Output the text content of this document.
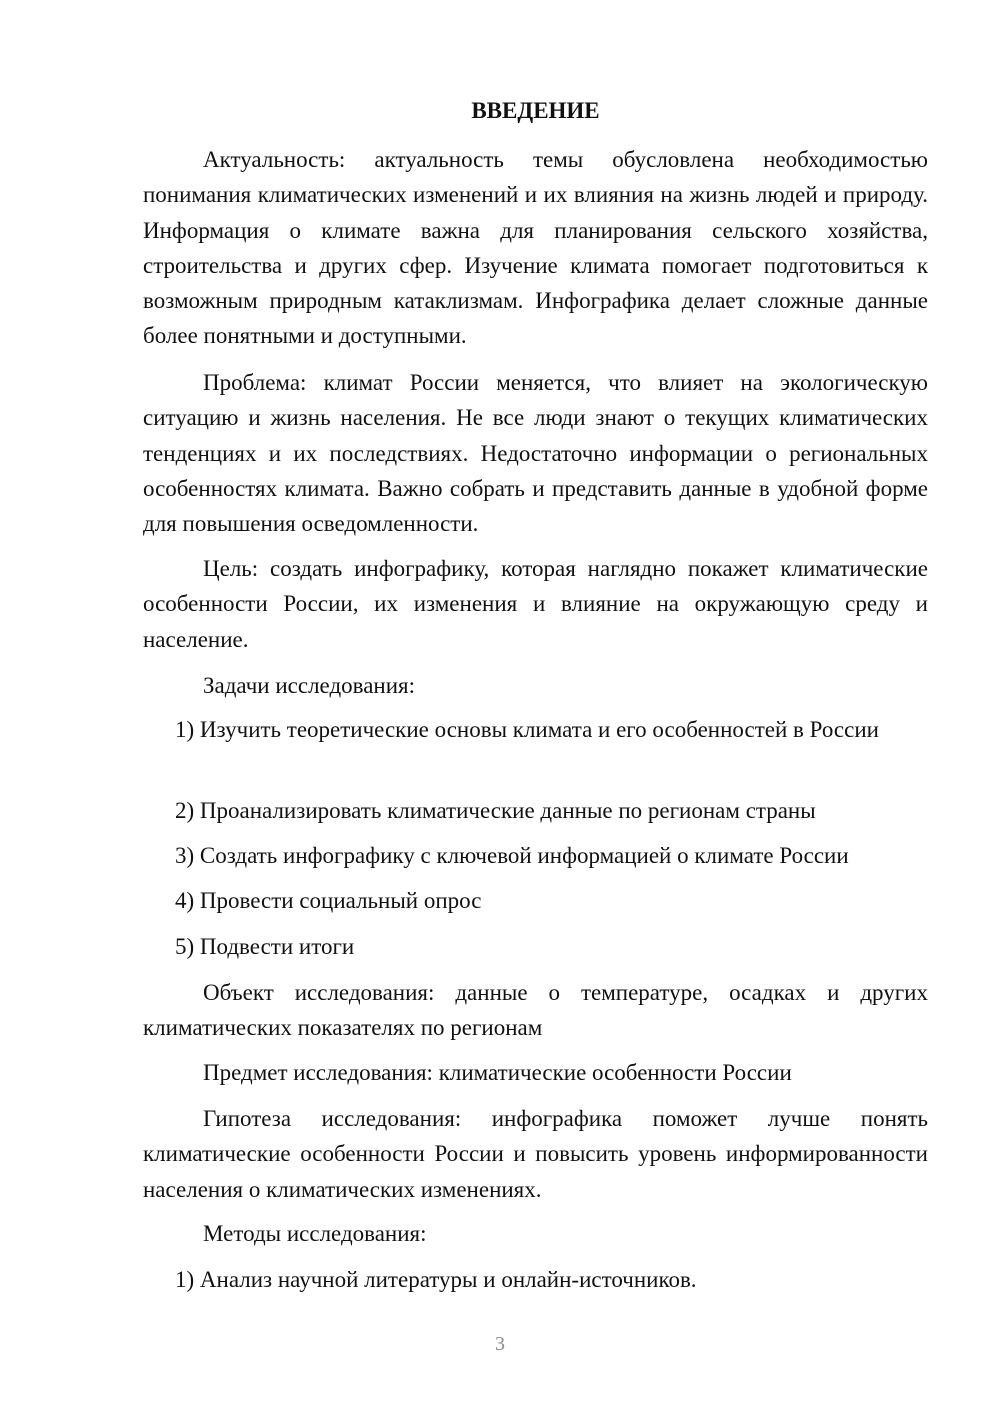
ВВЕДЕНИЕ

Актуальность: актуальность темы обусловлена необходимостью понимания климатических изменений и их влияния на жизнь людей и природу. Информация о климате важна для планирования сельского хозяйства, строительства и других сфер. Изучение климата помогает подготовиться к возможным природным катаклизмам. Инфографика делает сложные данные более понятными и доступными.

Проблема: климат России меняется, что влияет на экологическую ситуацию и жизнь населения. Не все люди знают о текущих климатических тенденциях и их последствиях. Недостаточно информации о региональных особенностях климата. Важно собрать и представить данные в удобной форме для повышения осведомленности.

Цель: создать инфографику, которая наглядно покажет климатические особенности России, их изменения и влияние на окружающую среду и население.

Задачи исследования:

1) Изучить теоретические основы климата и его особенностей в России

2) Проанализировать климатические данные по регионам страны

3) Создать инфографику с ключевой информацией о климате России

4) Провести социальный опрос

5) Подвести итоги

Объект исследования: данные о температуре, осадках и других климатических показателях по регионам

Предмет исследования: климатические особенности России

Гипотеза исследования: инфографика поможет лучше понять климатические особенности России и повысить уровень информированности населения о климатических изменениях.

Методы исследования:

1) Анализ научной литературы и онлайн-источников.

3
